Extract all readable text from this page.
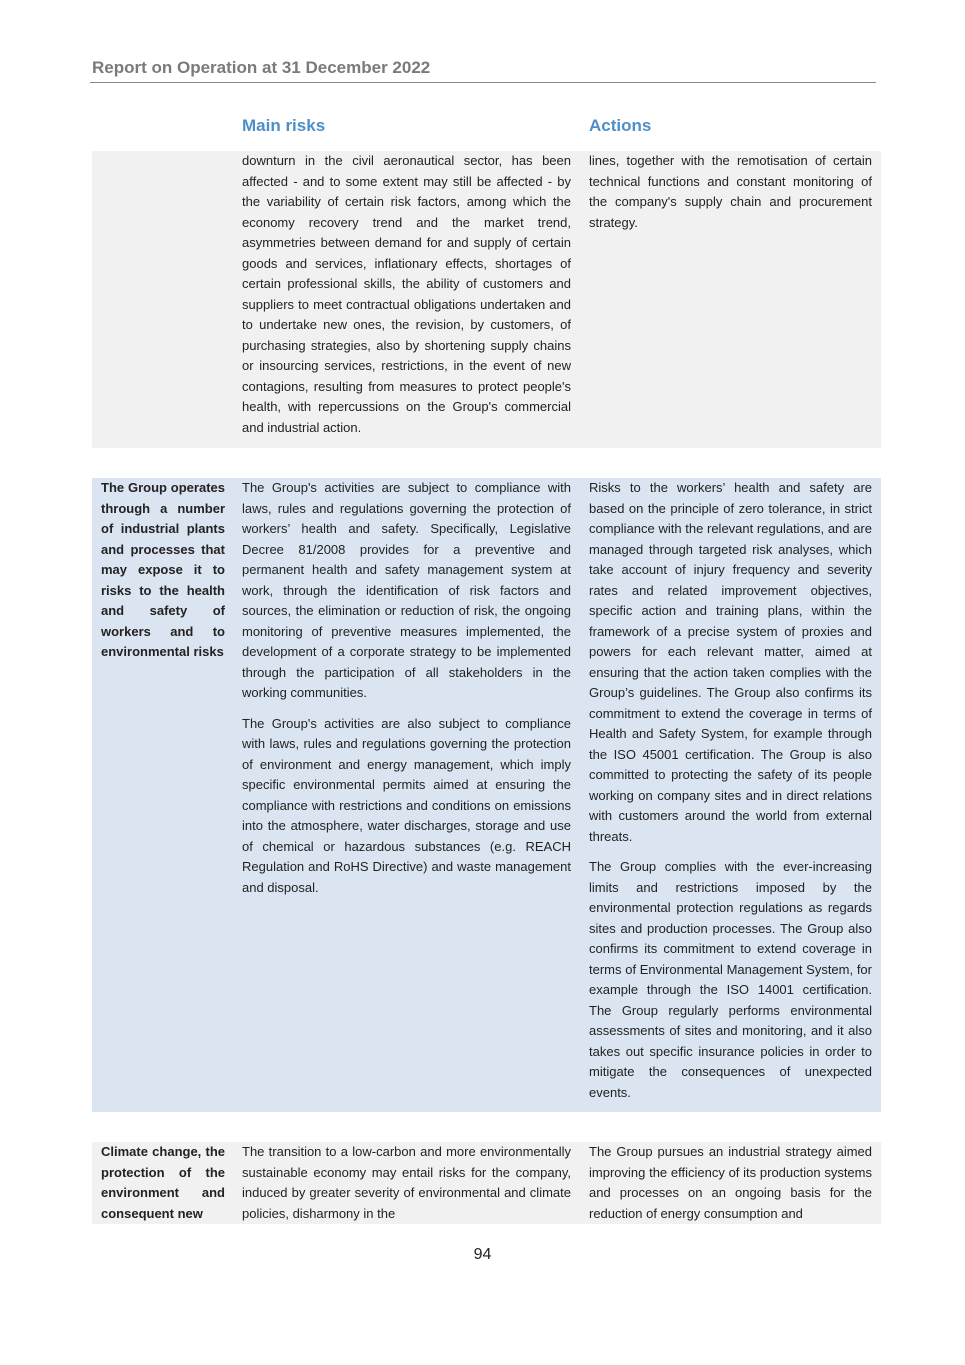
Report on Operation at 31 December 2022
Main risks	Actions

downturn in the civil aeronautical sector, has been affected - and to some extent may still be affected - by the variability of certain risk factors, among which the economy recovery trend and the market trend, asymmetries between demand for and supply of certain goods and services, inflationary effects, shortages of certain professional skills, the ability of customers and suppliers to meet contractual obligations undertaken and to undertake new ones, the revision, by customers, of purchasing strategies, also by shortening supply chains or insourcing services, restrictions, in the event of new contagions, resulting from measures to protect people's health, with repercussions on the Group's commercial and industrial action.

lines, together with the remotisation of certain technical functions and constant monitoring of the company's supply chain and procurement strategy.

The Group operates through a number of industrial plants and processes that may expose it to risks to the health and safety of workers and to environmental risks

The Group's activities are subject to compliance with laws, rules and regulations governing the protection of workers’ health and safety. Specifically, Legislative Decree 81/2008 provides for a preventive and permanent health and safety management system at work, through the identification of risk factors and sources, the elimination or reduction of risk, the ongoing monitoring of preventive measures implemented, the development of a corporate strategy to be implemented through the participation of all stakeholders in the working communities.

The Group's activities are also subject to compliance with laws, rules and regulations governing the protection of environment and energy management, which imply specific environmental permits aimed at ensuring the compliance with restrictions and conditions on emissions into the atmosphere, water discharges, storage and use of chemical or hazardous substances (e.g. REACH Regulation and RoHS Directive) and waste management and disposal.

Risks to the workers’ health and safety are based on the principle of zero tolerance, in strict compliance with the relevant regulations, and are managed through targeted risk analyses, which take account of injury frequency and severity rates and related improvement objectives, specific action and training plans, within the framework of a precise system of proxies and powers for each relevant matter, aimed at ensuring that the action taken complies with the Group’s guidelines. The Group also confirms its commitment to extend the coverage in terms of Health and Safety System, for example through the ISO 45001 certification. The Group is also committed to protecting the safety of its people working on company sites and in direct relations with customers around the world from external threats.

The Group complies with the ever-increasing limits and restrictions imposed by the environmental protection regulations as regards sites and production processes. The Group also confirms its commitment to extend coverage in terms of Environmental Management System, for example through the ISO 14001 certification. The Group regularly performs environmental assessments of sites and monitoring, and it also takes out specific insurance policies in order to mitigate the consequences of unexpected events.

Climate change, the protection of the environment and consequent new

The transition to a low-carbon and more environmentally sustainable economy may entail risks for the company, induced by greater severity of environmental and climate policies, disharmony in the

The Group pursues an industrial strategy aimed improving the efficiency of its production systems and processes on an ongoing basis for the reduction of energy consumption and

94
